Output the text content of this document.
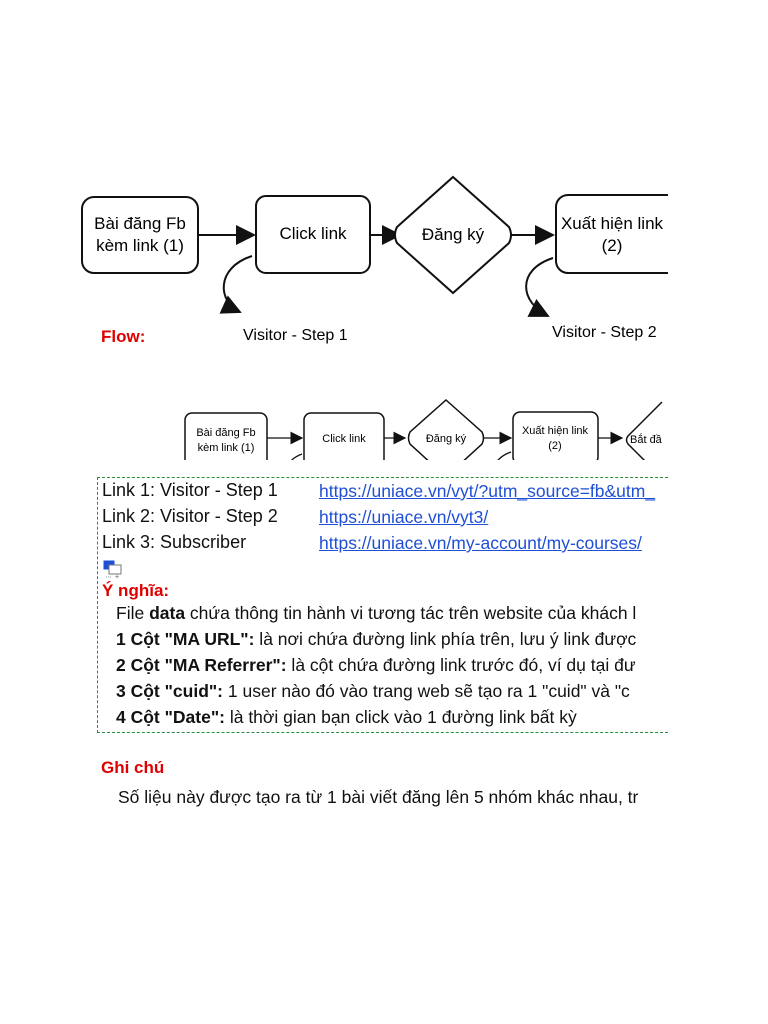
Bài đăng Fb
kèm link (1)
Click link	Đăng ký
Xuất hiện link
(2)
Visitor - Step 1	Visitor - Step 2
Bài đăng Fb
kèm link (1)
Click link	Đăng ký
Xuất hiện link
(2)	Bắt đầ
Flow:
Link 1: Visitor - Step 1 https://uniace.vn/vyt/?utm_source=fb&utm_
Link 2: Visitor - Step 2 https://uniace.vn/vyt3/
Link 3: Subscriber	https://uniace.vn/my-account/my-courses/
+
Ý nghĩa:
File data chứa thông tin hành vi tương tác trên website của khách l
1 Cột "MA URL": là nơi chứa đường link phía trên, lưu ý link được
2 Cột "MA Referrer": là cột chứa đường link trước đó, ví dụ tại đư
3 Cột "cuid": 1 user nào đó vào trang web sẽ tạo ra 1 "cuid" và "c
4 Cột "Date": là thời gian bạn click vào 1 đường link bất kỳ
Ghi chú
Số liệu này được tạo ra từ 1 bài viết đăng lên 5 nhóm khác nhau, tr
